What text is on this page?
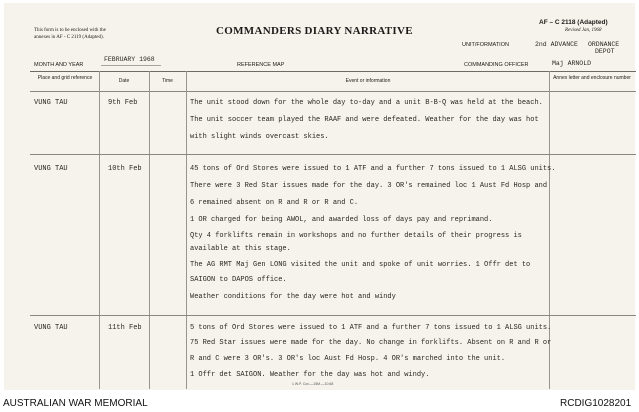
This form is to be enclosed with the
annexes in AF - C 2119 (Adapted).
COMMANDERS DIARY NARRATIVE
AF – C 2118 (Adapted)
Revised Jan, 1968
UNIT/FORMATION	2nd ADVANCE ORDNANCE
DEPOT
MONTH AND YEAR
FEBRUARY 1968
REFERENCE MAP	COMMANDING OFFICER	Maj ARNOLD
Place and grid reference	Date	Time	Event or information	Annex letter and enclosure number
VUNG TAU	9th Feb	The unit stood down for the whole day to-day and a unit B-B-Q was held at the beach.
The unit soccer team played the RAAF and were defeated. Weather for the day was hot
with slight winds overcast skies.
VUNG TAU	10th Feb	45 tons of Ord Stores were issued to 1 ATF and a further 7 tons issued to 1 ALSG units.
There were 3 Red Star issues made for the day. 3 OR's remained loc 1 Aust Fd Hosp and
6 remained absent on R and R or R and C.
1 OR charged for being AWOL, and awarded loss of days pay and reprimand.
Qty 4 forklifts remain in workshops and no further details of their progress is
available at this stage.
The AG RMT Maj Gen LONG visited the unit and spoke of unit worries. 1 Offr det to
SAIGON to DAPOS office.
Weather conditions for the day were hot and windy
VUNG TAU	11th Feb	5 tons of Ord Stores were issued to 1 ATF and a further 7 tons issued to 1 ALSG units.
75 Red Star issues were made for the day. No change in forklifts. Absent on R and R or
R and C were 3 OR's. 3 OR's loc Aust Fd Hosp. 4 OR's marched into the unit.
1 Offr det SAIGON. Weather for the day was hot and windy.
1 W.P. Cov.—15M.—10.68
AUSTRALIAN WAR MEMORIAL	RCDIG1028201
